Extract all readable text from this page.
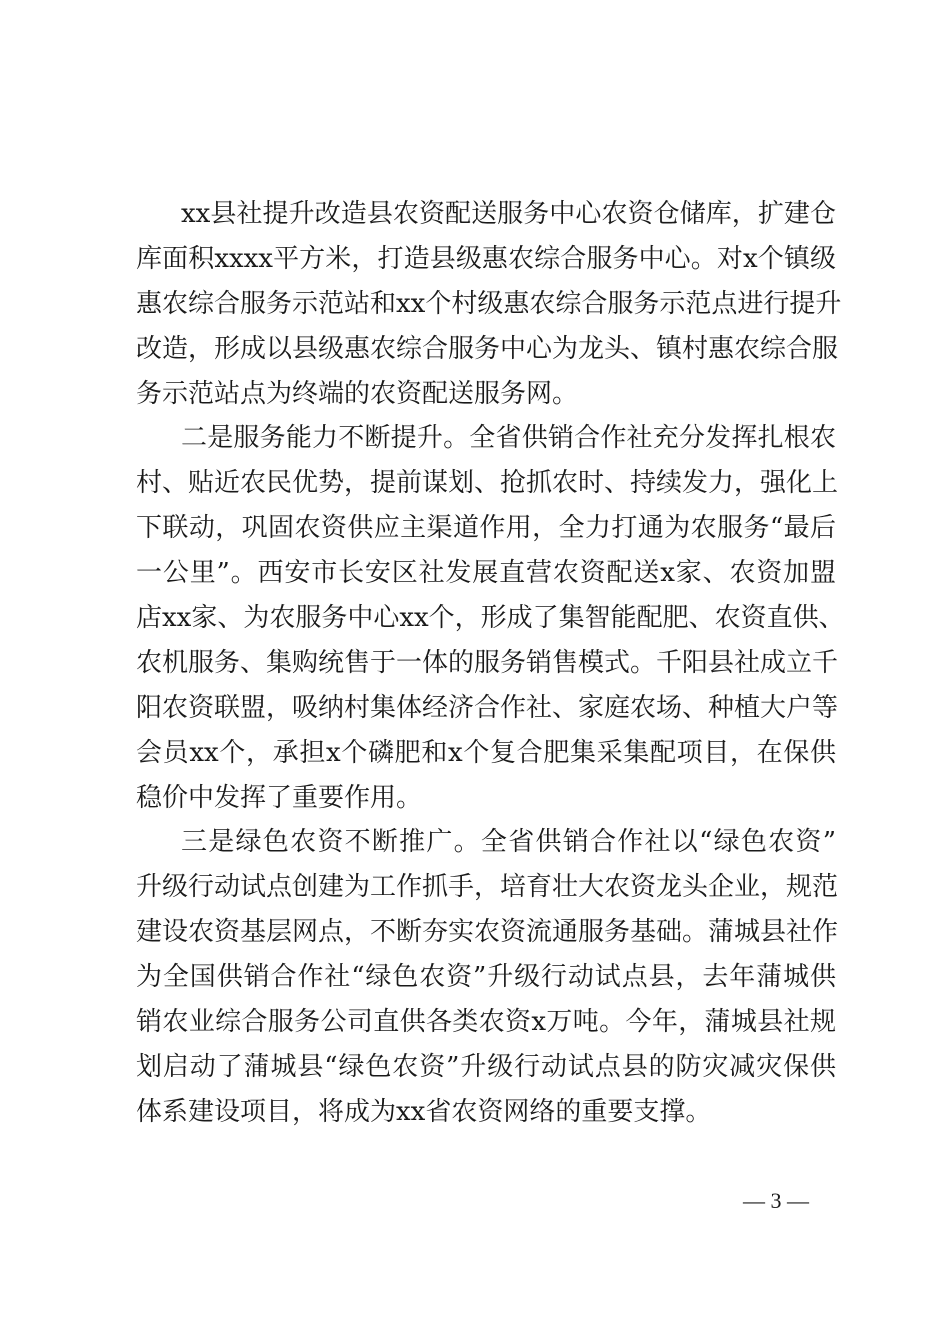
xx县社提升改造县农资配送服务中心农资仓储库，扩建仓
库面积xxxx平方米，打造县级惠农综合服务中心。对x个镇级
惠农综合服务示范站和xx个村级惠农综合服务示范点进行提升
改造，形成以县级惠农综合服务中心为龙头、镇村惠农综合服
务示范站点为终端的农资配送服务网。
二是服务能力不断提升。全省供销合作社充分发挥扎根农
村、贴近农民优势，提前谋划、抢抓农时、持续发力，强化上
下联动，巩固农资供应主渠道作用，全力打通为农服务“最后
一公里”。西安市长安区社发展直营农资配送x家、农资加盟
店xx家、为农服务中心xx个，形成了集智能配肥、农资直供、
农机服务、集购统售于一体的服务销售模式。千阳县社成立千
阳农资联盟，吸纳村集体经济合作社、家庭农场、种植大户等
会员xx个，承担x个磷肥和x个复合肥集采集配项目，在保供
稳价中发挥了重要作用。
三是绿色农资不断推广。全省供销合作社以“绿色农资”
升级行动试点创建为工作抓手，培育壮大农资龙头企业，规范
建设农资基层网点，不断夯实农资流通服务基础。蒲城县社作
为全国供销合作社“绿色农资”升级行动试点县，去年蒲城供
销农业综合服务公司直供各类农资x万吨。今年，蒲城县社规
划启动了蒲城县“绿色农资”升级行动试点县的防灾减灾保供
体系建设项目，将成为xx省农资网络的重要支撑。
— 3 —
